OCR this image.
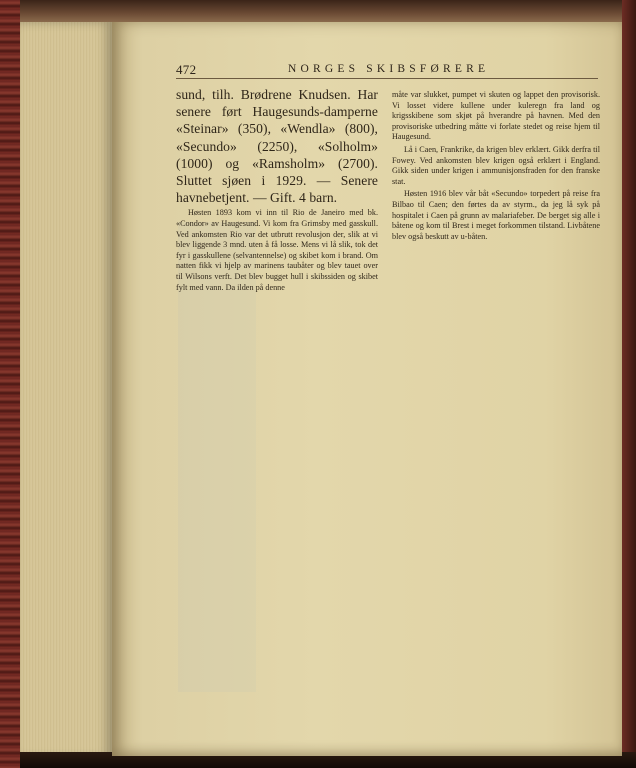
472	NORGES SKIBSFØRERE

sund, tilh. Brødrene Knudsen. Har senere ført Haugesunds-damperne «Steinar» (350), «Wendla» (800), «Secundo» (2250), «Solholm» (1000) og «Ramsholm» (2700). Sluttet sjøen i 1929. — Senere havnebetjent. — Gift. 4 barn.

Høsten 1893 kom vi inn til Rio de Janeiro med bk. «Condor» av Haugesund. Vi kom fra Grimsby med gasskull. Ved ankomsten Rio var det utbrutt revolusjon der, slik at vi blev liggende 3 mnd. uten å få losse. Mens vi lå slik, tok det fyr i gasskullene (selvantennelse) og skibet kom i brand. Om natten fikk vi hjelp av marinens taubåter og blev tauet over til Wilsons verft. Det blev bugget hull i skibssiden og skibet fylt med vann. Da ilden på denne

måte var slukket, pumpet vi skuten og lappet den provisorisk. Vi losset videre kullene under kuleregn fra land og krigsskibene som skjøt på hverandre på havnen. Med den provisoriske utbedring måtte vi forlate stedet og reise hjem til Haugesund.

Lå i Caen, Frankrike, da krigen blev erklært. Gikk derfra til Fowey. Ved ankomsten blev krigen også erklært i England. Gikk siden under krigen i ammunisjonsfraden for den franske stat.

Høsten 1916 blev vår båt «Secundo» torpedert på reise fra Bilbao til Caen; den førtes da av styrm., da jeg lå syk på hospitalet i Caen på grunn av malariafeber. De berget sig alle i båtene og kom til Brest i meget forkommen tilstand. Livbåtene blev også beskutt av u-båten.
